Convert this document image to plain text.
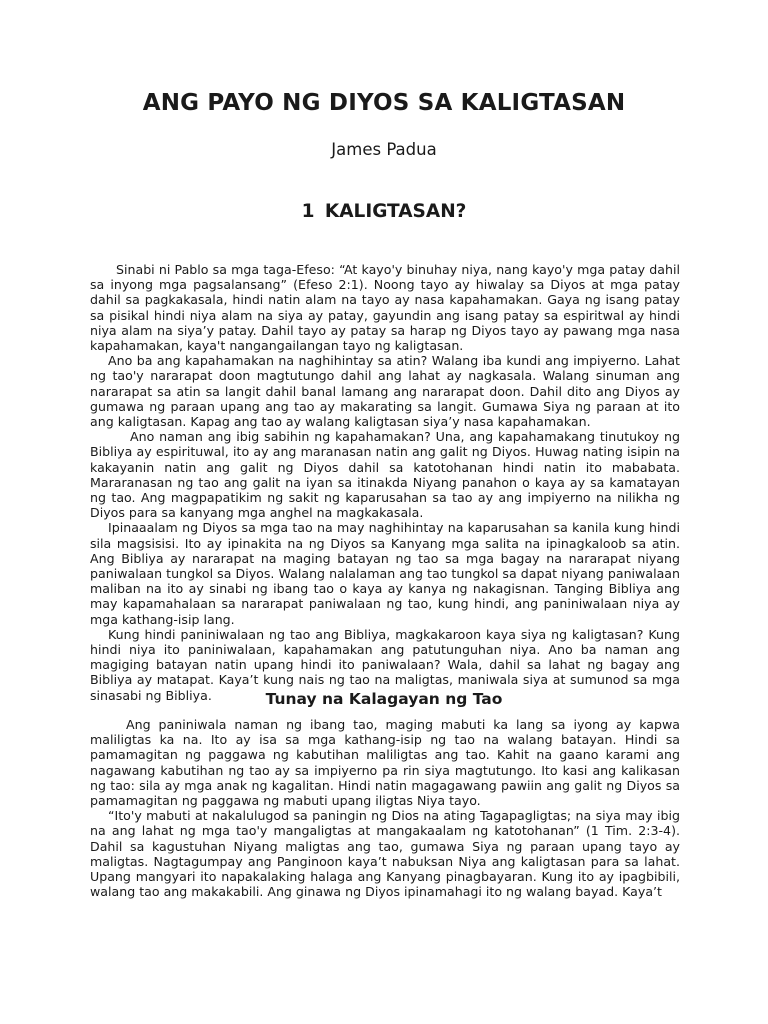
ANG PAYO NG DIYOS SA KALIGTASAN

James Padua

1 KALIGTASAN?

Sinabi ni Pablo sa mga taga-Efeso: “At kayo'y binuhay niya, nang kayo'y mga patay dahil sa inyong mga pagsalansang” (Efeso 2:1). Noong tayo ay hiwalay sa Diyos at mga patay dahil sa pagkakasala, hindi natin alam na tayo ay nasa kapahamakan. Gaya ng isang patay sa pisikal hindi niya alam na siya ay patay, gayundin ang isang patay sa espiritwal ay hindi niya alam na siya’y patay. Dahil tayo ay patay sa harap ng Diyos tayo ay pawang mga nasa kapahamakan, kaya't nangangailangan tayo ng kaligtasan.

Ano ba ang kapahamakan na naghihintay sa atin? Walang iba kundi ang impiyerno. Lahat ng tao'y nararapat doon magtutungo dahil ang lahat ay nagkasala. Walang sinuman ang nararapat sa atin sa langit dahil banal lamang ang nararapat doon. Dahil dito ang Diyos ay gumawa ng paraan upang ang tao ay makarating sa langit. Gumawa Siya ng paraan at ito ang kaligtasan. Kapag ang tao ay walang kaligtasan siya’y nasa kapahamakan.

Ano naman ang ibig sabihin ng kapahamakan? Una, ang kapahamakang tinutukoy ng Bibliya ay espirituwal, ito ay ang maranasan natin ang galit ng Diyos. Huwag nating isipin na kakayanin natin ang galit ng Diyos dahil sa katotohanan hindi natin ito mababata. Mararanasan ng tao ang galit na iyan sa itinakda Niyang panahon o kaya ay sa kamatayan ng tao. Ang magpapatikim ng sakit ng kaparusahan sa tao ay ang impiyerno na nilikha ng Diyos para sa kanyang mga anghel na magkakasala.

Ipinaaalam ng Diyos sa mga tao na may naghihintay na kaparusahan sa kanila kung hindi sila magsisisi. Ito ay ipinakita na ng Diyos sa Kanyang mga salita na ipinagkaloob sa atin. Ang Bibliya ay nararapat na maging batayan ng tao sa mga bagay na nararapat niyang paniwalaan tungkol sa Diyos. Walang nalalaman ang tao tungkol sa dapat niyang paniwalaan maliban na ito ay sinabi ng ibang tao o kaya ay kanya ng nakagisnan. Tanging Bibliya ang may kapamahalaan sa nararapat paniwalaan ng tao, kung hindi, ang paniniwalaan niya ay mga kathang-isip lang.

Kung hindi paniniwalaan ng tao ang Bibliya, magkakaroon kaya siya ng kaligtasan? Kung hindi niya ito paniniwalaan, kapahamakan ang patutunguhan niya. Ano ba naman ang magiging batayan natin upang hindi ito paniwalaan? Wala, dahil sa lahat ng bagay ang Bibliya ay matapat. Kaya’t kung nais ng tao na maligtas, maniwala siya at sumunod sa mga sinasabi ng Bibliya.	Tunay na Kalagayan ng Tao

Ang paniniwala naman ng ibang tao, maging mabuti ka lang sa iyong ay kapwa maliligtas ka na. Ito ay isa sa mga kathang-isip ng tao na walang batayan. Hindi sa pamamagitan ng paggawa ng kabutihan maliligtas ang tao. Kahit na gaano karami ang nagawang kabutihan ng tao ay sa impiyerno pa rin siya magtutungo. Ito kasi ang kalikasan ng tao: sila ay mga anak ng kagalitan. Hindi natin magagawang pawiin ang galit ng Diyos sa pamamagitan ng paggawa ng mabuti upang iligtas Niya tayo.

“Ito'y mabuti at nakalulugod sa paningin ng Dios na ating Tagapagligtas; na siya may ibig na ang lahat ng mga tao'y mangaligtas at mangakaalam ng katotohanan” (1 Tim. 2:3-4). Dahil sa kagustuhan Niyang maligtas ang tao, gumawa Siya ng paraan upang tayo ay maligtas. Nagtagumpay ang Panginoon kaya’t nabuksan Niya ang kaligtasan para sa lahat. Upang mangyari ito napakalaking halaga ang Kanyang pinagbayaran. Kung ito ay ipagbibili, walang tao ang makakabili. Ang ginawa ng Diyos ipinamahagi ito ng walang bayad. Kaya’t
